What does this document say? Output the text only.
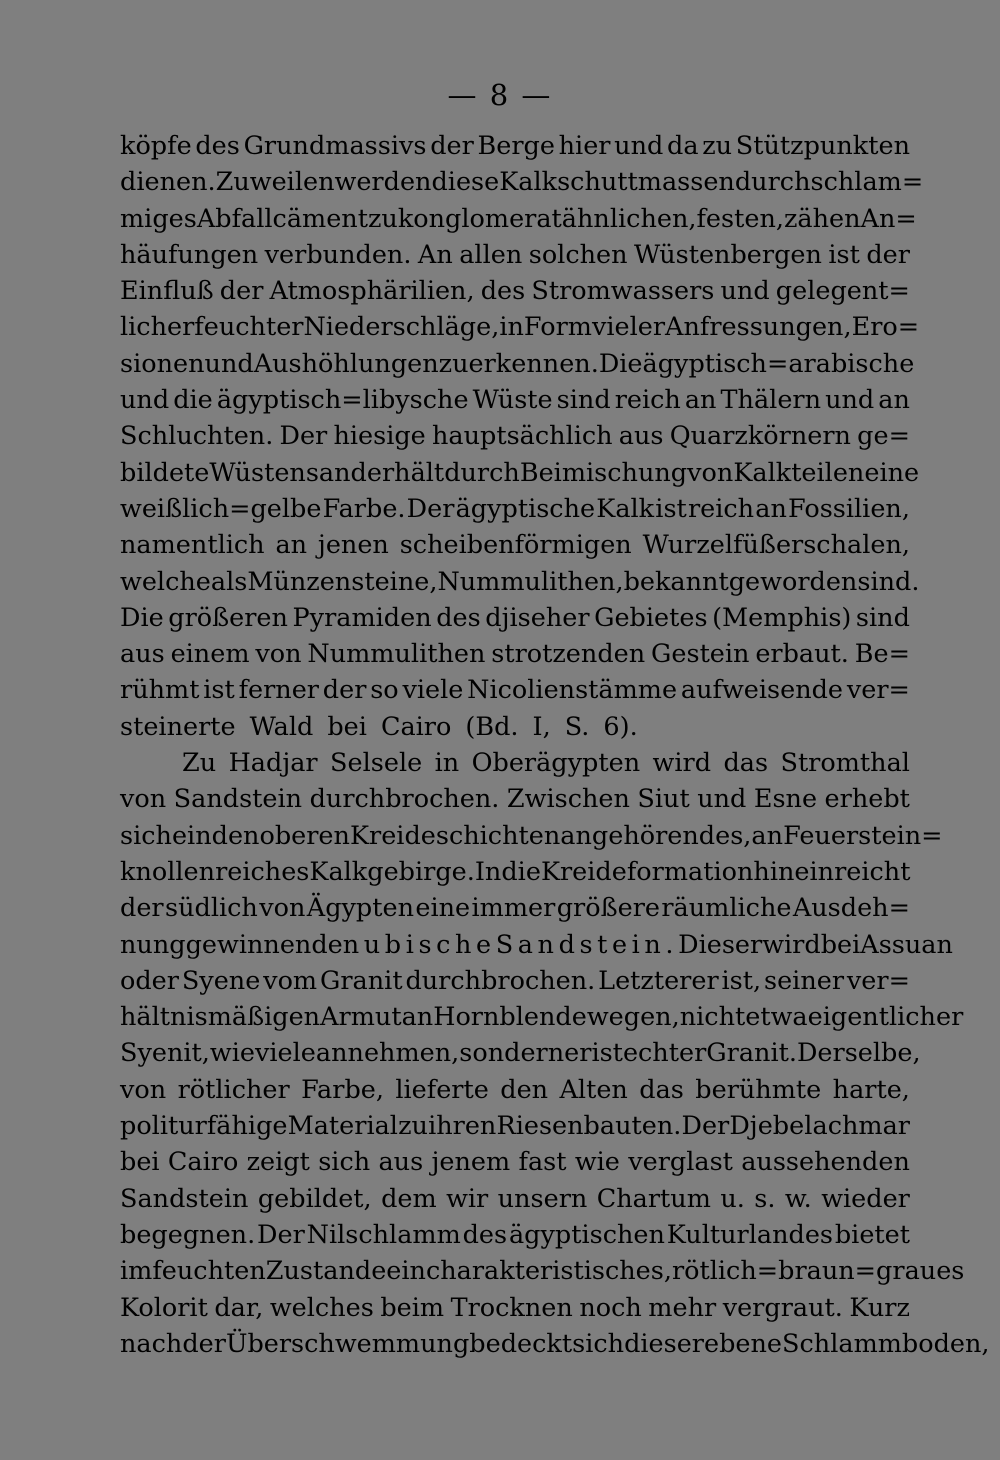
— 8 —
köpfe des Grundmassivs der Berge hier und da zu Stützpunkten
dienen. Zuweilen werden diese Kalkschuttmassen durch schlam=
miges Abfallcäment zu konglomeratähnlichen, festen, zähen An=
häufungen verbunden. An allen solchen Wüstenbergen ist der
Einfluß der Atmosphärilien, des Stromwassers und gelegent=
licher feuchter Niederschläge, in Form vieler Anfressungen, Ero=
sionen und Aushöhlungen zu erkennen. Die ägyptisch=arabische
und die ägyptisch=libysche Wüste sind reich an Thälern und an
Schluchten. Der hiesige hauptsächlich aus Quarzkörnern ge=
bildete Wüstensand erhält durch Beimischung von Kalkteilen eine
weißlich=gelbe Farbe. Der ägyptische Kalk ist reich an Fossilien,
namentlich an jenen scheibenförmigen Wurzelfüßerschalen,
welche als Münzensteine, Nummulithen, bekannt geworden sind.
Die größeren Pyramiden des djiseher Gebietes (Memphis) sind
aus einem von Nummulithen strotzenden Gestein erbaut. Be=
rühmt ist ferner der so viele Nicolienstämme aufweisende ver=
steinerte Wald bei Cairo (Bd. I, S. 6).
Zu Hadjar Selsele in Oberägypten wird das Stromthal
von Sandstein durchbrochen. Zwischen Siut und Esne erhebt
sich ein den oberen Kreideschichten angehörendes, an Feuerstein=
knollen reiches Kalkgebirge. In die Kreideformation hinein reicht
der südlich von Ägypten eine immer größere räumliche Ausdeh=
nung gewinnende nubische Sandstein. Dieser wird bei Assuan
oder Syene vom Granit durchbrochen. Letzterer ist, seiner ver=
hältnismäßigen Armut an Hornblende wegen, nicht etwa eigentlicher
Syenit, wie viele annehmen, sondern er ist echter Granit. Derselbe,
von rötlicher Farbe, lieferte den Alten das berühmte harte,
politurfähige Material zu ihren Riesenbauten. Der Djebel achmar
bei Cairo zeigt sich aus jenem fast wie verglast aussehenden
Sandstein gebildet, dem wir unsern Chartum u. s. w. wieder
begegnen. Der Nilschlamm des ägyptischen Kulturlandes bietet
im feuchten Zustande ein charakteristisches, rötlich=braun=graues
Kolorit dar, welches beim Trocknen noch mehr vergraut. Kurz
nach der Überschwemmung bedeckt sich dieser ebene Schlammboden,
